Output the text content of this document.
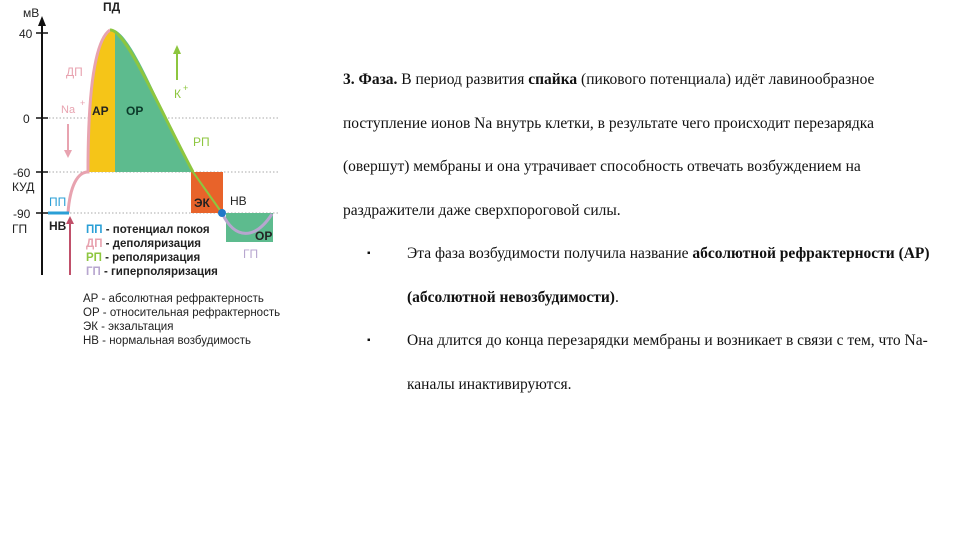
мВ	ПД
40
0
-60
КУД
-90
ГП
ДП
Na
+
АР ОР
К +
РП
ЭК НВ
ОР
ГП
ПП
НВ ПП - потенциал покоя
ДП - деполяризация
РП - реполяризация
ГП - гиперполяризация
АР - абсолютная рефрактерность
ОР - относительная рефрактерность
ЭК - экзальтация
НВ - нормальная возбудимость

3. Фаза. В период развития спайка (пикового потенциала) идёт лавинообразное поступление ионов Na внутрь клетки, в результате чего происходит перезарядка (овершут) мембраны и она утрачивает способность отвечать возбуждением на раздражители даже сверхпороговой силы.

▪ Эта фаза возбудимости получила название абсолютной рефрактерности (АР) (абсолютной невозбудимости).

▪ Она длится до конца перезарядки мембраны и возникает в связи с тем, что Na-каналы инактивируются.
